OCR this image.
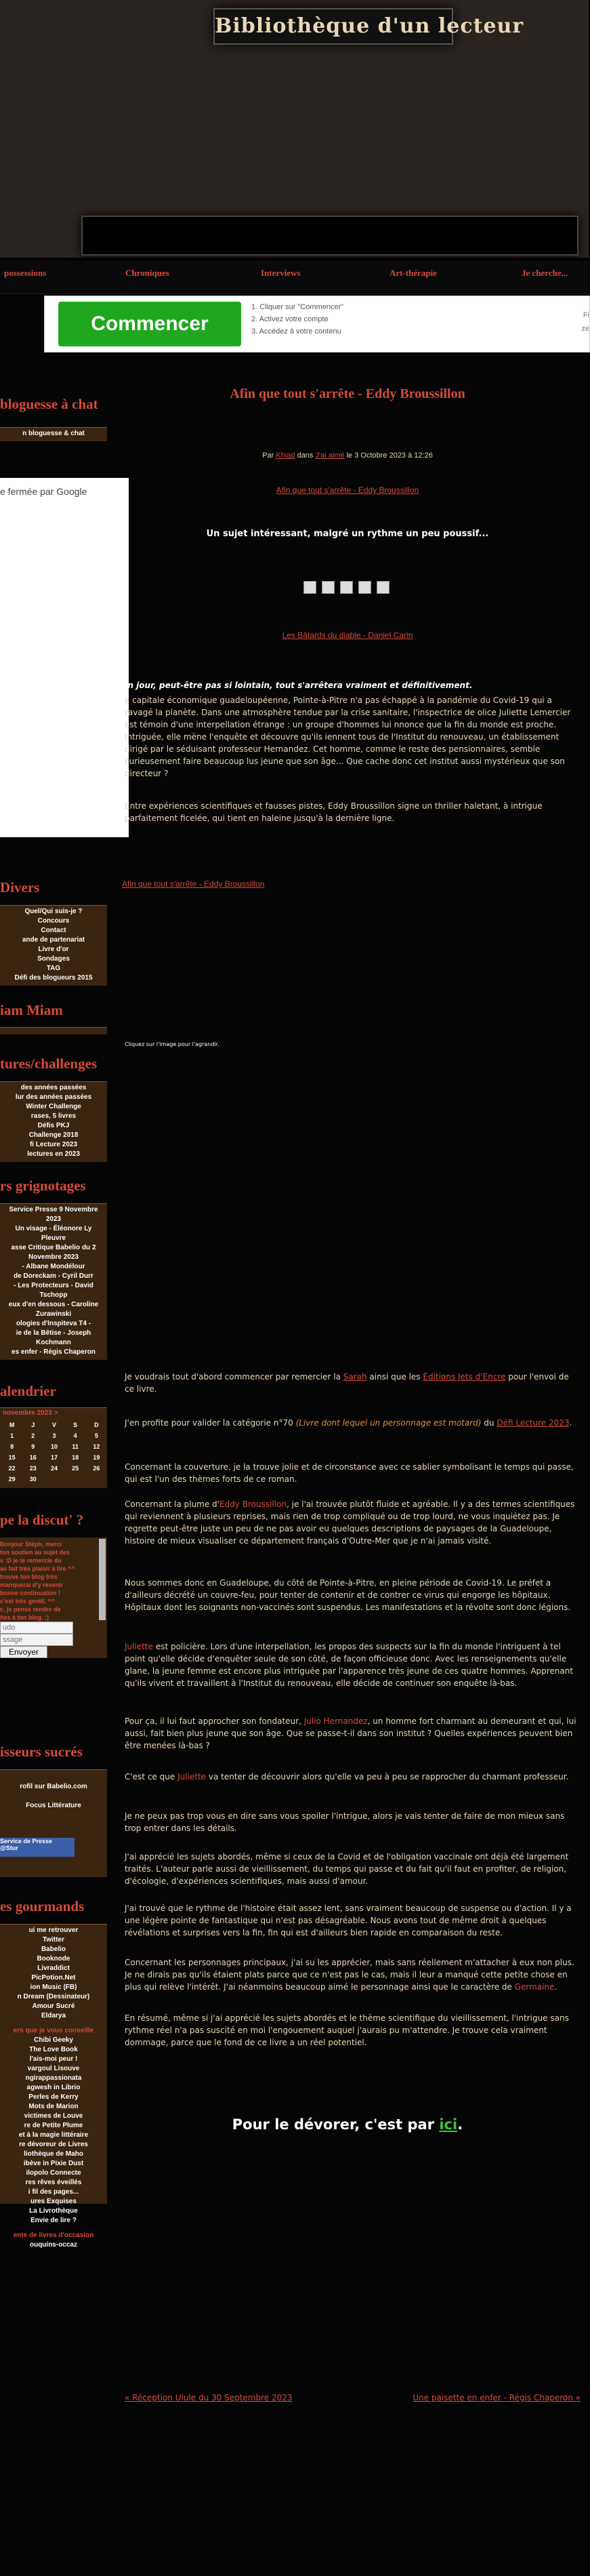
Bibliothèque d'un lecteur
possessions	Chroniques	Interviews	Art-thérapie	Je cherche...
Commencer
1. Cliquer sur "Commencer"
2. Activez votre compte
3. Accédez à votre contenu
Fi
ze
bloguesse à chat
n bloguesse & chat
e fermée par Google
Divers
Quel/Qui suis-je ?
Concours
Contact
ande de partenariat
Livre d'or
Sondages
TAG
Défi des blogueurs 2015
iam Miam
tures/challenges
des années passées
lur des années passées
Winter Challenge
rases, 5 livres
Défis PKJ
Challenge 2018
fi Lecture 2023
lectures en 2023
rs grignotages
Service Presse 9 Novembre
2023
Un visage - Éléonore Ly
Pleuvre
asse Critique Babelio du 2
Novembre 2023
- Albane Mondélour
de Doreckam - Cyril Durr
- Les Protecteurs - David
Tschopp
eux d'en dessous - Caroline
Zurawinski
ologies d'Inspiteva T4 -
ie de la Bêtise - Joseph
Kochmann
es enfer - Régis Chaperon
alendrier
novembre 2023 >
M	J	V	S	D
1	2	3	4	5
8	9	10	11	12
15	16	17	18	19
22	23	24	25	26
29	30			
pe la discut' ?

Bonjour Stéph, merci

ton soutien au sujet des

s :D je te remercie du

as fait très plaisir à lire ^^

trouve ton blog très

manquerai d'y revenir

bonne continuation !

c'est très gentil, ^^

c, je pense rendre de

ites à ton blog. :)

udo
ssage
Envoyer
isseurs sucrés
rofil sur Babelio.com
Focus Littérature
Service de Presse
@Stur
es gourmands
ui me retrouver
Twitter
Babelio
Booknode
Livraddict
PicPotion.Net
ion Music (FB)
n Dream (Dessinateur)
Amour Sucré
Eldarya
ers que je vous conseille
Chibi Geeky
The Love Book
l'ais-moi peur !
vargoul Lisouve
ngirappassionata
agwesh in Librio
Perles de Kerry
Mots de Marion
victimes de Louve
re de Petite Plume
et à la magie littéraire
re dévoreur de Livres
liothèque de Maho
ibève in Pixie Dust
ilopolo Connecte
res rêves éveillés
i fil des pages...
ures Exquises
La Livrothèque
Envie de lire ?
ente de livres d'occasion
ouquins-occaz
Afin que tout s'arrête - Eddy Broussillon
Par Khiad dans J'ai aimé le 3 Octobre 2023 à 12:26
Afin que tout s'arrête - Eddy Broussillon
Un sujet intéressant, malgré un rythme un peu poussif...
Les Bâtards du diable - Daniel Carin

In jour, peut-être pas si lointain, tout s'arrêtera vraiment et définitivement.

a capitale économique guadeloupéenne, Pointe-à-Pitre n'a pas échappé à la pandémie du Covid-19 qui a ravagé la planète. Dans une atmosphère tendue par la crise sanitaire, l'inspectrice de olice Juliette Lemercier est témoin d'une interpellation étrange : un groupe d'hommes lui nnonce que la fin du monde est proche. Intriguée, elle mène l'enquête et découvre qu'ils iennent tous de l'Institut du renouveau, un établissement dirigé par le séduisant professeur Hernandez. Cet homme, comme le reste des pensionnaires, semble curieusement faire beaucoup lus jeune que son âge... Que cache donc cet institut aussi mystérieux que son directeur ?

Entre expériences scientifiques et fausses pistes, Eddy Broussillon signe un thriller haletant, à intrigue parfaitement ficelée, qui tient en haleine jusqu'à la dernière ligne.

Afin que tout s'arrête - Eddy Broussillon
Cliquez sur l'image pour l'agrandir.

Je voudrais tout d'abord commencer par remercier la Sarah ainsi que les Éditions Jets d'Encre pour l'envoi de ce livre.

J'en profite pour valider la catégorie n°70 (Livre dont lequel un personnage est motard) du Défi Lecture 2023.

Concernant la couverture, je la trouve jolie et de circonstance avec ce sablier symbolisant le temps qui passe, qui est l'un des thèmes forts de ce roman.

Concernant la plume d'Eddy Broussillon, je l'ai trouvée plutôt fluide et agréable. Il y a des termes scientifiques qui reviennent à plusieurs reprises, mais rien de trop compliqué ou de trop lourd, ne vous inquiétez pas. Je regrette peut-être juste un peu de ne pas avoir eu quelques descriptions de paysages de la Guadeloupe, histoire de mieux visualiser ce département français d'Outre-Mer que je n'ai jamais visité.

Nous sommes donc en Guadeloupe, du côté de Pointe-à-Pitre, en pleine période de Covid-19. Le préfet a d'ailleurs décrété un couvre-feu, pour tenter de contenir et de contrer ce virus qui engorge les hôpitaux. Hôpitaux dont les soignants non-vaccinés sont suspendus. Les manifestations et la révolte sont donc légions.

Juliette est policière. Lors d'une interpellation, les propos des suspects sur la fin du monde l'intriguent à tel point qu'elle décide d'enquêter seule de son côté, de façon officieuse donc. Avec les renseignements qu'elle glane, la jeune femme est encore plus intriguée par l'apparence très jeune de ces quatre hommes. Apprenant qu'ils vivent et travaillent à l'Institut du renouveau, elle décide de continuer son enquête là-bas.

Pour ça, il lui faut approcher son fondateur, Julio Hernandez, un homme fort charmant au demeurant et qui, lui aussi, fait bien plus jeune que son âge. Que se passe-t-il dans son institut ? Quelles expériences peuvent bien être menées là-bas ?

C'est ce que Juliette va tenter de découvrir alors qu'elle va peu à peu se rapprocher du charmant professeur.

Je ne peux pas trop vous en dire sans vous spoiler l'intrigue, alors je vais tenter de faire de mon mieux sans trop entrer dans les détails.

J'ai apprécié les sujets abordés, même si ceux de la Covid et de l'obligation vaccinale ont déjà été largement traités. L'auteur parle aussi de vieillissement, du temps qui passe et du fait qu'il faut en profiter, de religion, d'écologie, d'expériences scientifiques, mais aussi d'amour.

J'ai trouvé que le rythme de l'histoire était assez lent, sans vraiment beaucoup de suspense ou d'action. Il y a une légère pointe de fantastique qui n'est pas désagréable. Nous avons tout de même droit à quelques révélations et surprises vers la fin, fin qui est d'ailleurs bien rapide en comparaison du reste.

Concernant les personnages principaux, j'ai su les apprécier, mais sans réellement m'attacher à eux non plus. Je ne dirais pas qu'ils étaient plats parce que ce n'est pas le cas, mais il leur a manqué cette petite chose en plus qui relève l'intérêt. J'ai néanmoins beaucoup aimé le personnage ainsi que le caractère de Germaine.

En résumé, même si j'ai apprécié les sujets abordés et le thème scientifique du vieillissement, l'intrigue sans rythme réel n'a pas suscité en moi l'engouement auquel j'aurais pu m'attendre. Je trouve cela vraiment dommage, parce que le fond de ce livre a un réel potentiel.

Pour le dévorer, c'est par ici.
« Réception Ulule du 30 Septembre 2023	Une paisette en enfer - Régis Chaperon »
